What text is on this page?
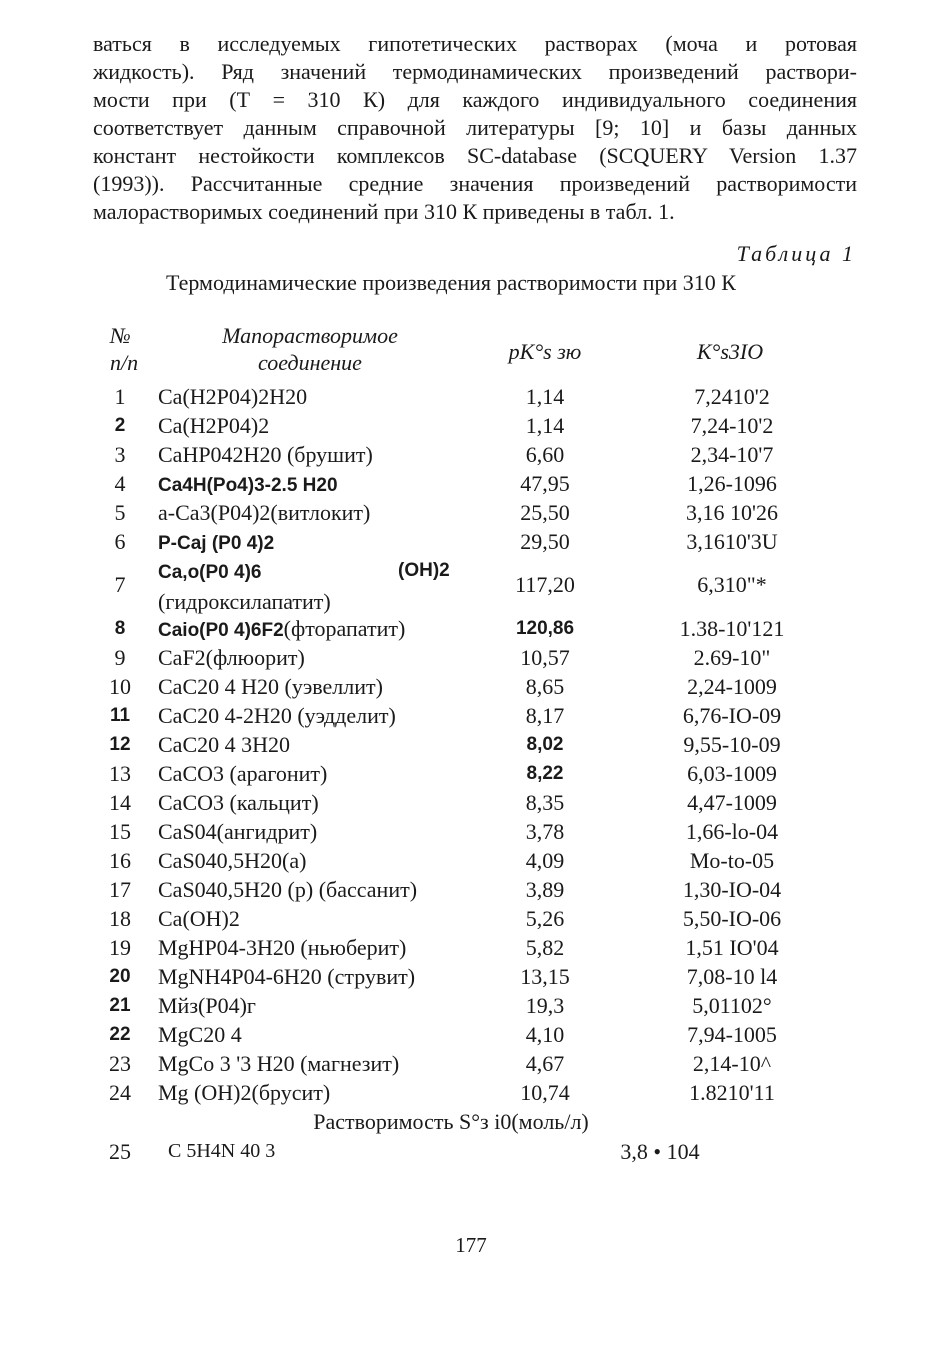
ваться в исследуемых гипотетических растворах (моча и ротовая
жидкость). Ряд значений термодинамических произведений раствори-
мости при (Т = 310 К) для каждого индивидуального соединения
соответствует данным справочной литературы [9; 10] и базы данных
констант нестойкости комплексов SC-database (SCQUERY Version 1.37
(1993)). Рассчитанные средние значения произведений растворимости
малорастворимых соединений при 310 К приведены в табл. 1.
Таблица 1
Термодинамические произведения растворимости при 310 К
№
п/п
Мапорастворимое
соединение	pK°s зю	K°s3IO
1	Ca(H2P04)2H20	1,14	7,2410'2
2	Ca(H2P04)2	1,14	7,24-10'2
3	CaHP042H20 (брушит)	6,60	2,34-10'7
4	Ca4H(Po4)3-2.5 H20	47,95	1,26-1096
5	a-Ca3(P04)2(витлокит)	25,50	3,16 10'26
6	P-Caj (P0 4)2	29,50	3,1610'3U
7	Ca,o(P0 4)6	(OH)2
(гидроксилапатит)
117,20	6,310"*
8	Caio(P0 4)6F2(фторапатит)	120,86	1.38-10'121
9	CaF2(флюорит)	10,57	2.69-10"
10	CaC20 4 H20 (уэвеллит)	8,65	2,24-1009
11	CaC20 4-2H20 (уэдделит)	8,17	6,76-IO-09
12	CaC20 4 3H20	8,02	9,55-10-09
13	CaCO3 (арагонит)	8,22	6,03-1009
14	CaCO3 (кальцит)	8,35	4,47-1009
15	CaS04(ангидрит)	3,78	1,66-lo-04
16	CaS040,5H20(а)	4,09	Mo-to-05
17	CaS040,5H20 (р) (бассанит)	3,89	1,30-IO-04
18	Ca(OH)2	5,26	5,50-IO-06
19	MgHP04-3H20 (ньюберит)	5,82	1,51 IO'04
20	MgNH4P04-6H20 (струвит)	13,15	7,08-10 l4
21	Мйз(Р04)г	19,3	5,01102°
22	MgC20 4	4,10	7,94-1005
23	MgCo 3 '3 H20 (магнезит)	4,67	2,14-10^
24	Mg (OH)2(брусит)	10,74	1.8210'11
Растворимость S°з i0(моль/л)
25	C 5H4N 40 3	3,8 • 104
177
